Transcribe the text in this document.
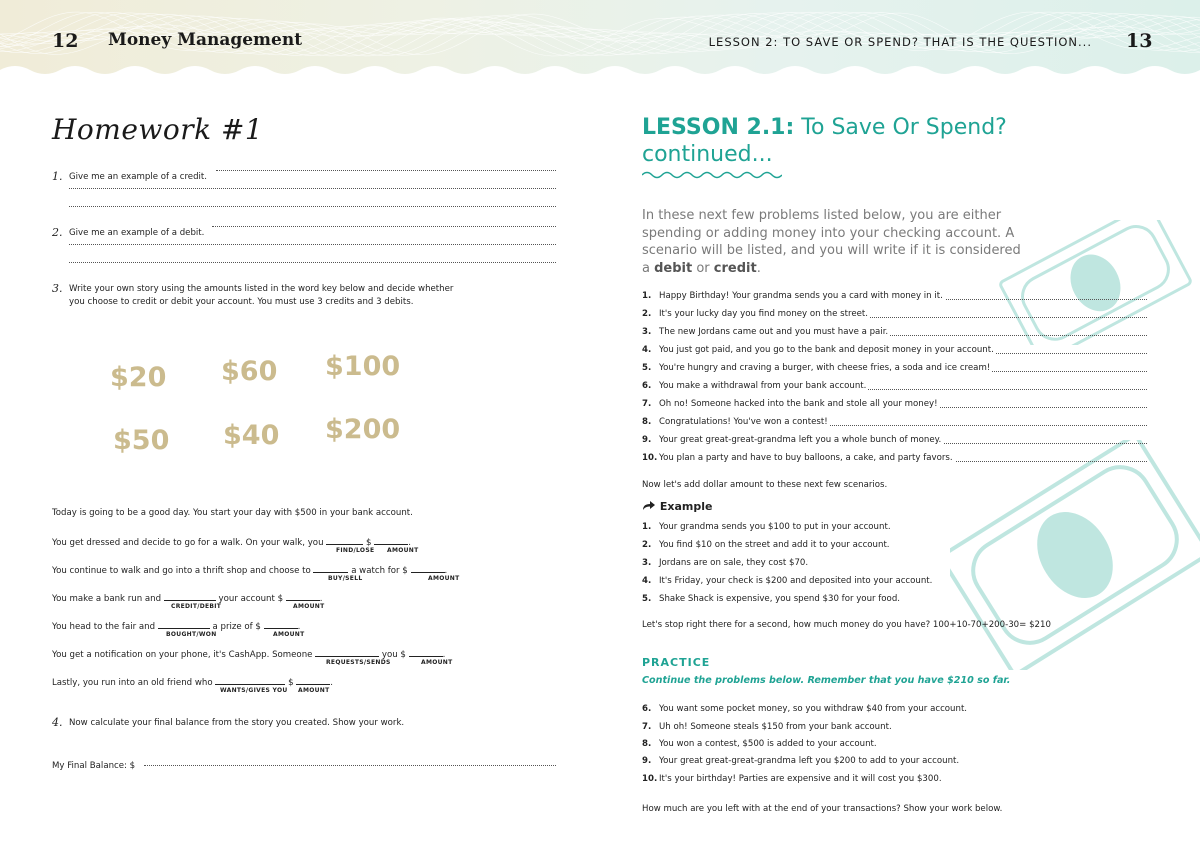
12 Money Management	LESSON 2: TO SAVE OR SPEND? THAT IS THE QUESTION... 13
Homework #1
1. Give me an example of a credit.
2. Give me an example of a debit.
3. Write your own story using the amounts listed in the word key below and decide whether
you choose to credit or debit your account. You must use 3 credits and 3 debits.
$20 $60 $100
$50 $40 $200
Today is going to be a good day. You start your day with $500 in your bank account.
You get dressed and decide to go for a walk. On your walk, you	$	.
FIND/LOSE AMOUNT
You continue to walk and go into a thrift shop and choose to	a watch for $	.
BUY/SELL	AMOUNT
You make a bank run and	your account $	.
CREDIT/DEBIT	AMOUNT
You head to the fair and	a prize of $	.
BOUGHT/WON	AMOUNT
You get a notification on your phone, it's CashApp. Someone	you $	.
REQUESTS/SENDS	AMOUNT
Lastly, you run into an old friend who	$	.
WANTS/GIVES YOU AMOUNT
4. Now calculate your final balance from the story you created. Show your work.
My Final Balance: $
LESSON 2.1: To Save Or Spend?
continued...
In these next few problems listed below, you are either spending or adding money into your checking account. A scenario will be listed, and you will write if it is considered a debit or credit.
1. Happy Birthday! Your grandma sends you a card with money in it.
2. It's your lucky day you find money on the street.
3. The new Jordans came out and you must have a pair.
4. You just got paid, and you go to the bank and deposit money in your account.
5. You're hungry and craving a burger, with cheese fries, a soda and ice cream!
6. You make a withdrawal from your bank account.
7. Oh no! Someone hacked into the bank and stole all your money!
8. Congratulations! You've won a contest!
9. Your great great-great-grandma left you a whole bunch of money.
10. You plan a party and have to buy balloons, a cake, and party favors.
Now let's add dollar amount to these next few scenarios.
Example
1. Your grandma sends you $100 to put in your account.
2. You find $10 on the street and add it to your account.
3. Jordans are on sale, they cost $70.
4. It's Friday, your check is $200 and deposited into your account.
5. Shake Shack is expensive, you spend $30 for your food.
Let's stop right there for a second, how much money do you have? 100+10-70+200-30= $210
PRACTICE
Continue the problems below. Remember that you have $210 so far.
6. You want some pocket money, so you withdraw $40 from your account.
7. Uh oh! Someone steals $150 from your bank account.
8. You won a contest, $500 is added to your account.
9. Your great great-great-grandma left you $200 to add to your account.
10. It's your birthday! Parties are expensive and it will cost you $300.
How much are you left with at the end of your transactions? Show your work below.
